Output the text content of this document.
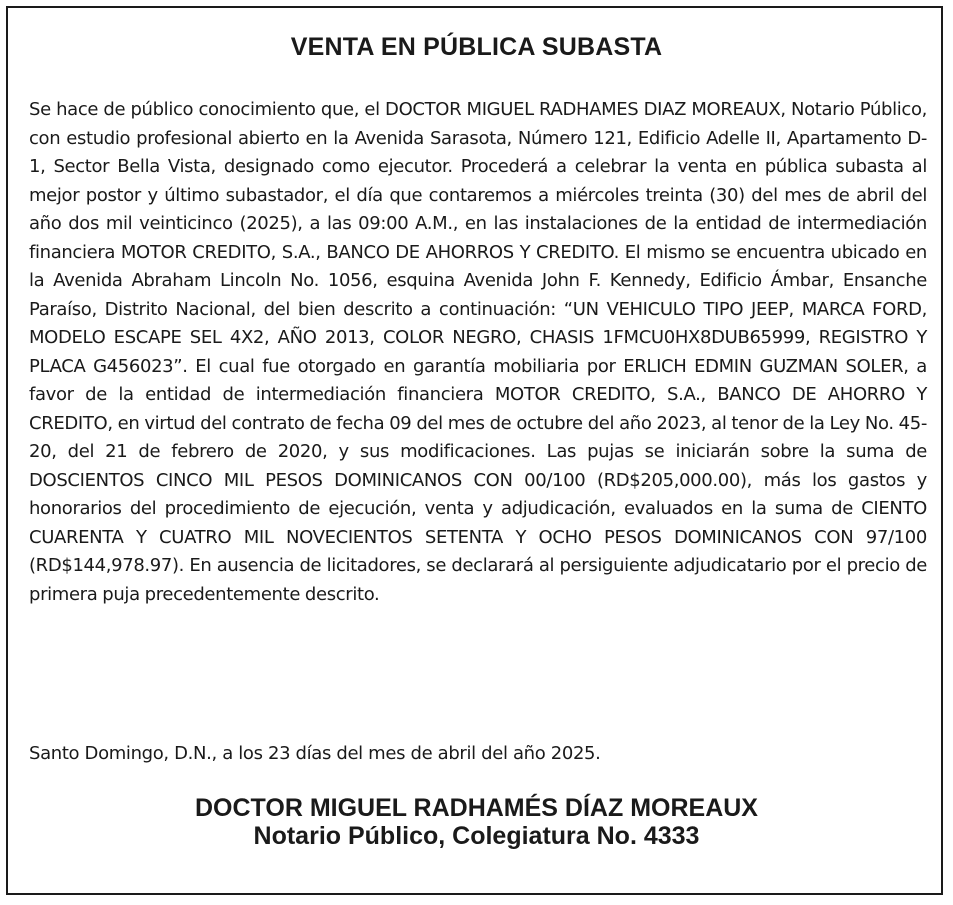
VENTA EN PÚBLICA SUBASTA
Se hace de público conocimiento que, el DOCTOR MIGUEL RADHAMES DIAZ MOREAUX, Notario Público, con estudio profesional abierto en la Avenida Sarasota, Número 121, Edificio Adelle II, Apartamento D-1, Sector Bella Vista, designado como ejecutor. Procederá a celebrar la venta en pública subasta al mejor postor y último subastador, el día que contaremos a miércoles treinta (30) del mes de abril del año dos mil veinticinco (2025), a las 09:00 A.M., en las instalaciones de la entidad de intermediación financiera MOTOR CREDITO, S.A., BANCO DE AHORROS Y CREDITO. El mismo se encuentra ubicado en la Avenida Abraham Lincoln No. 1056, esquina Avenida John F. Kennedy, Edificio Ámbar, Ensanche Paraíso, Distrito Nacional, del bien descrito a continuación: “UN VEHICULO TIPO JEEP, MARCA FORD, MODELO ESCAPE SEL 4X2, AÑO 2013, COLOR NEGRO, CHASIS 1FMCU0HX8DUB65999, REGISTRO Y PLACA G456023”. El cual fue otorgado en garantía mobiliaria por ERLICH EDMIN GUZMAN SOLER, a favor de la entidad de intermediación financiera MOTOR CREDITO, S.A., BANCO DE AHORRO Y CREDITO, en virtud del contrato de fecha 09 del mes de octubre del año 2023, al tenor de la Ley No. 45-20, del 21 de febrero de 2020, y sus modificaciones. Las pujas se iniciarán sobre la suma de DOSCIENTOS CINCO MIL PESOS DOMINICANOS CON 00/100 (RD$205,000.00), más los gastos y honorarios del procedimiento de ejecución, venta y adjudicación, evaluados en la suma de CIENTO CUARENTA Y CUATRO MIL NOVECIENTOS SETENTA Y OCHO PESOS DOMINICANOS CON 97/100 (RD$144,978.97). En ausencia de licitadores, se declarará al persiguiente adjudicatario por el precio de primera puja precedentemente descrito.
Santo Domingo, D.N., a los 23 días del mes de abril del año 2025.
DOCTOR MIGUEL RADHAMÉS DÍAZ MOREAUX
Notario Público, Colegiatura No. 4333
